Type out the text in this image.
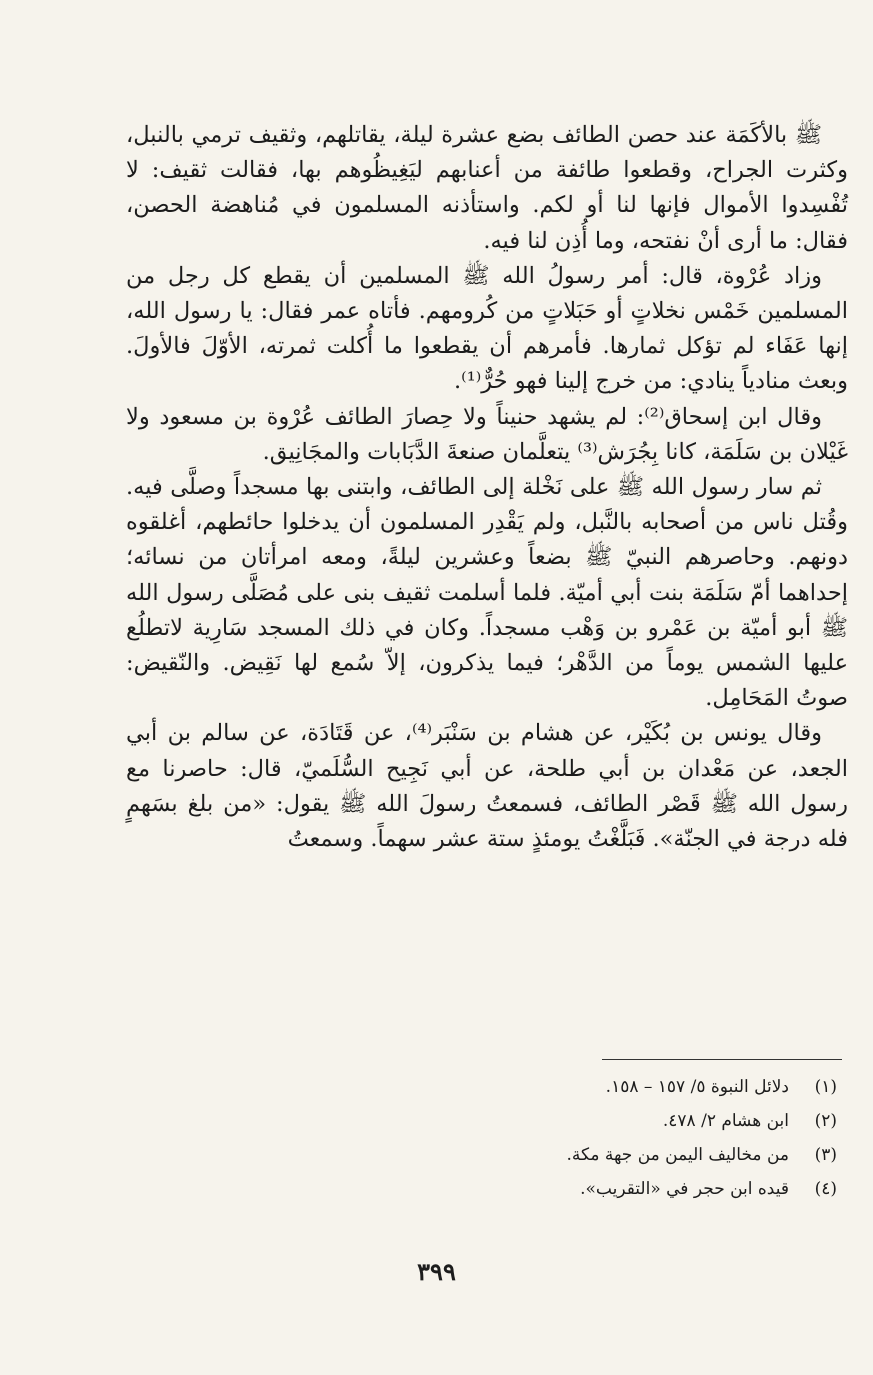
ﷺ بالأكَمَة عند حصن الطائف بضع عشرة ليلة، يقاتلهم، وثقيف ترمي بالنبل، وكثرت الجراح، وقطعوا طائفة من أعنابهم ليَغِيظُوهم بها، فقالت ثقيف: لا تُفْسِدوا الأموال فإنها لنا أو لكم. واستأذنه المسلمون في مُناهضة الحصن، فقال: ما أرى أنْ نفتحه، وما أُذِن لنا فيه.

وزاد عُرْوة، قال: أمر رسولُ الله ﷺ المسلمين أن يقطع كل رجل من المسلمين خَمْس نخلاتٍ أو حَبَلاتٍ من كُرومهم. فأتاه عمر فقال: يا رسول الله، إنها عَفَاء لم تؤكل ثمارها. فأمرهم أن يقطعوا ما أُكلت ثمرته، الأوّلَ فالأولَ. وبعث منادياً ينادي: من خرج إلينا فهو حُرٌّ⁽¹⁾.

وقال ابن إسحاق⁽²⁾: لم يشهد حنيناً ولا حِصارَ الطائف عُرْوة بن مسعود ولا غَيْلان بن سَلَمَة، كانا بِجُرَش⁽³⁾ يتعلَّمان صنعةَ الدَّبَابات والمجَانِيق.

ثم سار رسول الله ﷺ على نَخْلة إلى الطائف، وابتنى بها مسجداً وصلَّى فيه. وقُتل ناس من أصحابه بالنَّبل، ولم يَقْدِر المسلمون أن يدخلوا حائطهم، أغلقوه دونهم. وحاصرهم النبيّ ﷺ بضعاً وعشرين ليلةً، ومعه امرأتان من نسائه؛ إحداهما أمّ سَلَمَة بنت أبي أميّة. فلما أسلمت ثقيف بنى على مُصَلَّى رسول الله ﷺ أبو أميّة بن عَمْرو بن وَهْب مسجداً. وكان في ذلك المسجد سَارِية لاتطلُع عليها الشمس يوماً من الدَّهْر؛ فيما يذكرون، إلاّ سُمع لها نَقِيض. والنّقيض: صوتُ المَحَامِل.

وقال يونس بن بُكَيْر، عن هشام بن سَنْبَر⁽⁴⁾، عن قَتَادَة، عن سالم بن أبي الجعد، عن مَعْدان بن أبي طلحة، عن أبي نَجِيح السُّلَميّ، قال: حاصرنا مع رسول الله ﷺ قَصْر الطائف، فسمعتُ رسولَ الله ﷺ يقول: «من بلغ بسَهمٍ فله درجة في الجنّة». فَبَلَّغْتُ يومئذٍ ستة عشر سهماً. وسمعتُ

(١)دلائل النبوة ٥/ ١٥٧ – ١٥٨.
(٢)ابن هشام ٢/ ٤٧٨.
(٣)من مخاليف اليمن من جهة مكة.
(٤)قيده ابن حجر في «التقريب».
٣٩٩
